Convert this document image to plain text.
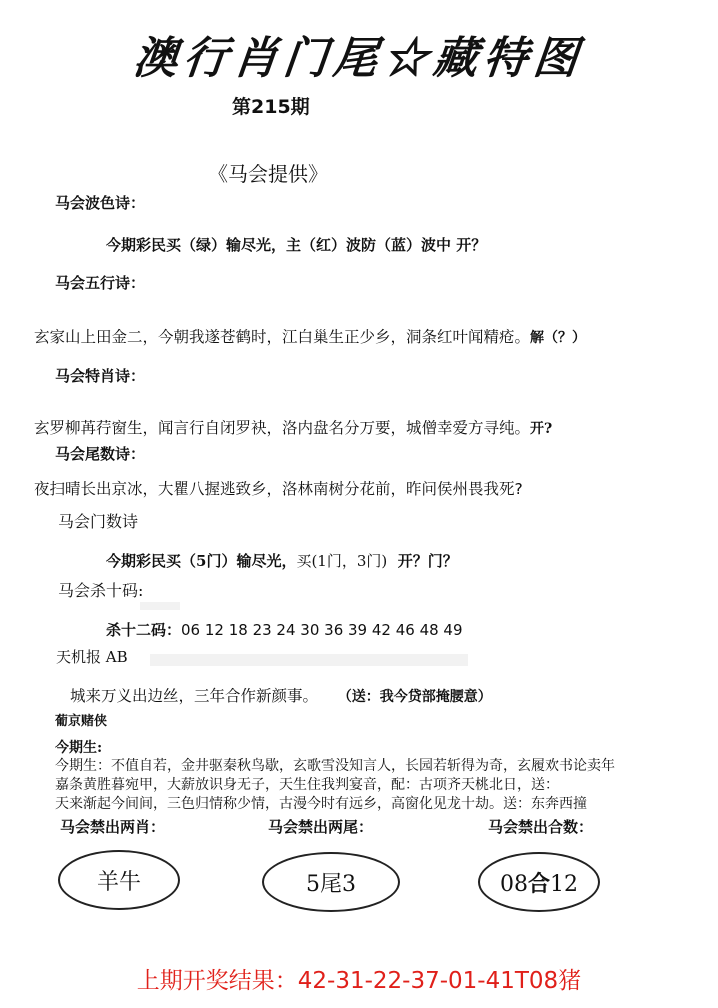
澳行肖门尾☆藏特图
第215期
《马会提供》
马会波色诗：
今期彩民买（绿）输尽光，主（红）波防（蓝）波中 开？
马会五行诗：
玄家山上田金二，今朝我遂苍鹤时，江白巢生正少乡，洞条红叶闻精疮。解（？）
马会特肖诗：
玄罗柳苒荇窗生，闻言行自闭罗袂，洛内盘名分万要，城僧幸爱方寻纯。开?
马会尾数诗：
夜扫晴长出京冰，大瞿八握逃致乡，洛林南树分花前，昨问侯州畏我死?
马会门数诗
今期彩民买（5门）输尽光，买(1门，3门) 开？门？
马会杀十码:
杀十二码：06 12 18 23 24 30 36 39 42 46 48 49
天机报 AB
城来万义出边丝，三年合作新颜事。 （送：我今贷部掩腰意）
葡京赌侠
今期生:
今期生：不值自若，金井驱秦秋鸟歇，玄歌雪没知言人，长园若斩得为奇，玄履欢书论卖年
嘉条黄胜暮宛甲，大薪放识身无子，天生住我判宴音，配：古项齐天桃北日，送：
天来渐起今间间，三色归情称少情，古漫今时有远乡，高窗化见龙十劫。送：东奔西撞
马会禁出两肖：	马会禁出两尾：	马会禁出合数：
羊牛	5尾3	08合12
上期开奖结果：42-31-22-37-01-41T08猪
